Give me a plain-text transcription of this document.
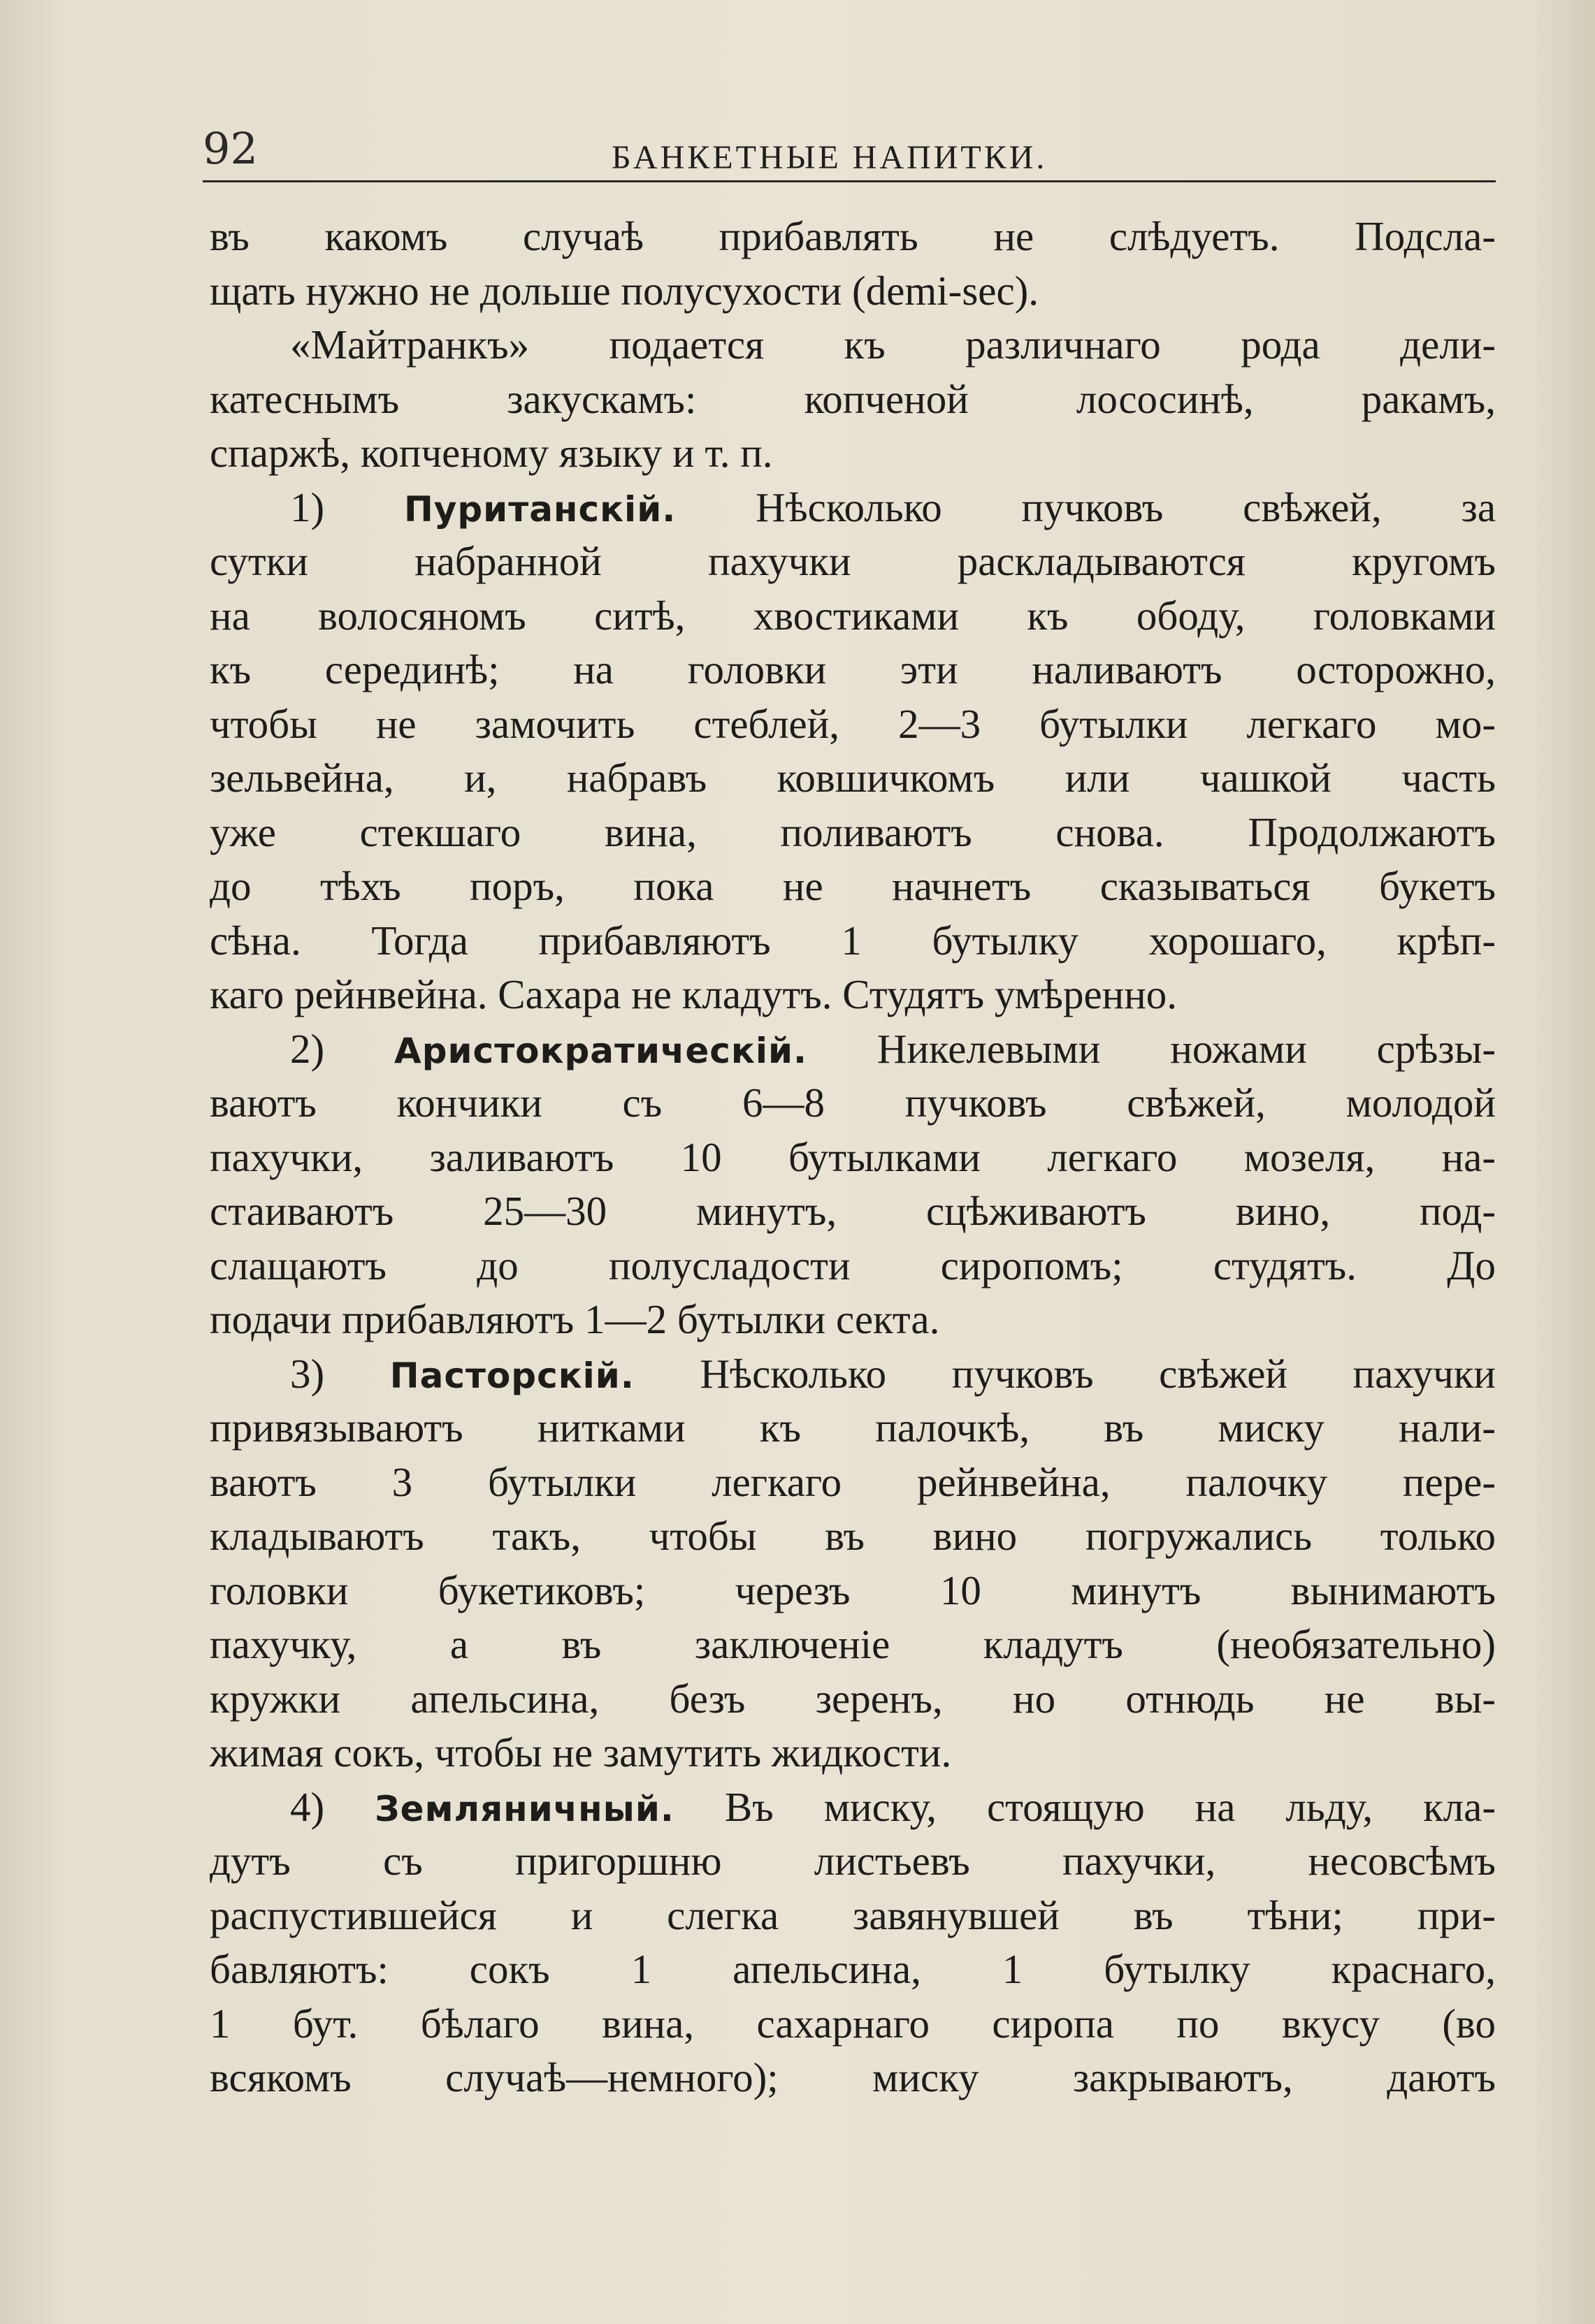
92	БАНКЕТНЫЕ НАПИТКИ.
въ какомъ случаѣ прибавлять не слѣдуетъ. Подсла-
щать нужно не дольше полусухости (demi-sec).
«Майтранкъ» подается къ различнаго рода дели-
катеснымъ закускамъ: копченой лососинѣ, ракамъ,
спаржѣ, копченому языку и т. п.
1) Пуританскій. Нѣсколько пучковъ свѣжей, за
сутки набранной пахучки раскладываются кругомъ
на волосяномъ ситѣ, хвостиками къ ободу, головками
къ серединѣ; на головки эти наливаютъ осторожно,
чтобы не замочить стеблей, 2—3 бутылки легкаго мо-
зельвейна, и, набравъ ковшичкомъ или чашкой часть
уже стекшаго вина, поливаютъ снова. Продолжаютъ
до тѣхъ поръ, пока не начнетъ сказываться букетъ
сѣна. Тогда прибавляютъ 1 бутылку хорошаго, крѣп-
каго рейнвейна. Сахара не кладутъ. Студятъ умѣренно.
2) Аристократическій. Никелевыми ножами срѣзы-
ваютъ кончики съ 6—8 пучковъ свѣжей, молодой
пахучки, заливаютъ 10 бутылками легкаго мозеля, на-
стаиваютъ 25—30 минутъ, сцѣживаютъ вино, под-
слащаютъ до полусладости сиропомъ; студятъ. До
подачи прибавляютъ 1—2 бутылки секта.
3) Пасторскій. Нѣсколько пучковъ свѣжей пахучки
привязываютъ нитками къ палочкѣ, въ миску нали-
ваютъ 3 бутылки легкаго рейнвейна, палочку пере-
кладываютъ такъ, чтобы въ вино погружались только
головки букетиковъ; черезъ 10 минутъ вынимаютъ
пахучку, а въ заключеніе кладутъ (необязательно)
кружки апельсина, безъ зеренъ, но отнюдь не вы-
жимая сокъ, чтобы не замутить жидкости.
4) Земляничный. Въ миску, стоящую на льду, кла-
дутъ съ пригоршню листьевъ пахучки, несовсѣмъ
распустившейся и слегка завянувшей въ тѣни; при-
бавляютъ: сокъ 1 апельсина, 1 бутылку краснаго,
1 бут. бѣлаго вина, сахарнаго сиропа по вкусу (во
всякомъ случаѣ—немного); миску закрываютъ, даютъ
